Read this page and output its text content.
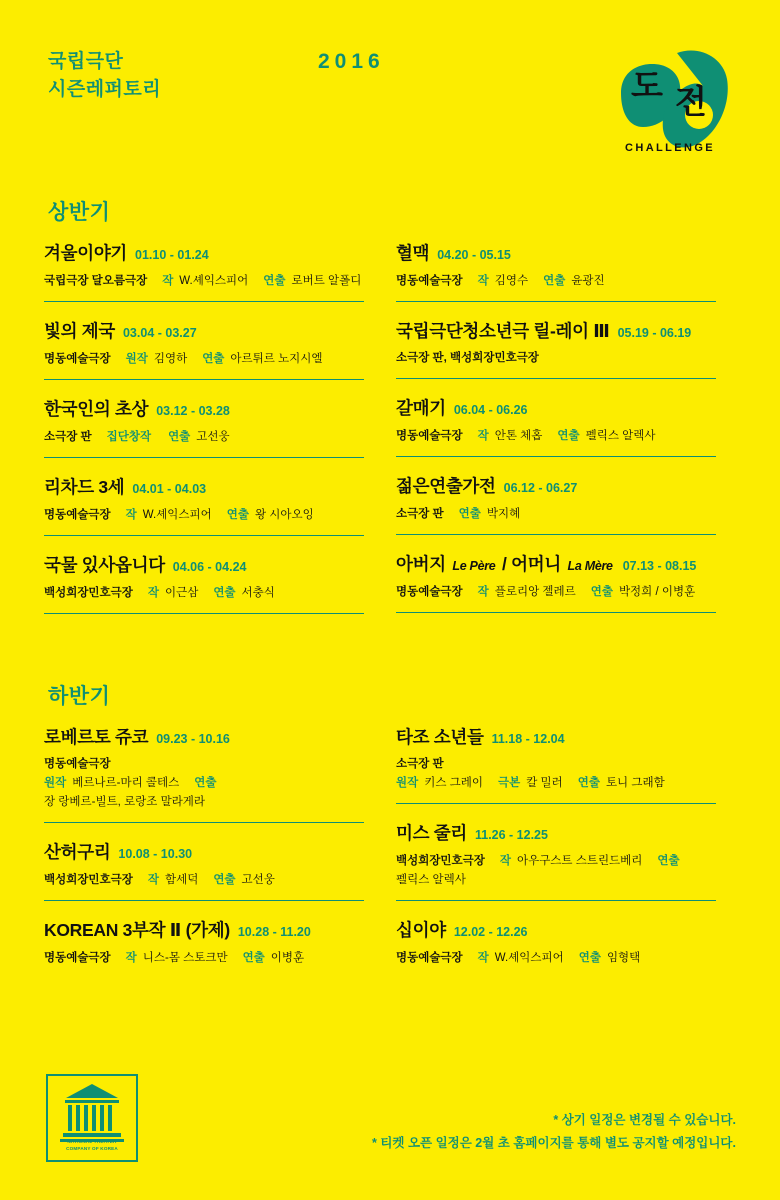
국립극단
시즌레퍼토리
2016
도 전
CHALLENGE
상반기
겨울이야기 01.10 - 01.24
국립극장 달오름극장 작 W.셰익스피어 연출 로버트 알폴디
빛의 제국 03.04 - 03.27
명동예술극장 원작 김영하 연출 아르튀르 노지시엘
한국인의 초상 03.12 - 03.28
소극장 판 집단창작 연출 고선웅
리차드 3세 04.01 - 04.03
명동예술극장 작 W.셰익스피어 연출 왕 시아오잉
국물 있사옵니다 04.06 - 04.24
백성희장민호극장 작 이근삼 연출 서충식
혈맥 04.20 - 05.15
명동예술극장 작 김영수 연출 윤광진
국립극단청소년극 릴-레이 Ⅲ 05.19 - 06.19
소극장 판, 백성희장민호극장
갈매기 06.04 - 06.26
명동예술극장 작 안톤 체홉 연출 펠릭스 알렉사
젊은연출가전 06.12 - 06.27
소극장 판 연출 박지혜
아버지 Le Père / 어머니 La Mère 07.13 - 08.15
명동예술극장 작 플로리앙 젤레르 연출 박정희 / 이병훈
하반기
로베르토 쥬코 09.23 - 10.16
명동예술극장
원작 베르나르-마리 콜테스 연출
장 랑베르-빌트, 로랑조 말라게라
산허구리 10.08 - 10.30
백성희장민호극장 작 함세덕 연출 고선웅
KOREAN 3부작 Ⅱ (가제) 10.28 - 11.20
명동예술극장 작 니스-몸 스토크만 연출 이병훈
타조 소년들 11.18 - 12.04
소극장 판
원작 키스 그레이 극본 칼 밀러 연출 토니 그래함
미스 줄리 11.26 - 12.25
백성희장민호극장 작 아우구스트 스트린드베리 연출
펠릭스 알렉사
십이야 12.02 - 12.26
명동예술극장 작 W.셰익스피어 연출 임형택
NATIONAL THEATER
COMPANY OF KOREA
* 상기 일정은 변경될 수 있습니다.
* 티켓 오픈 일정은 2월 초 홈페이지를 통해 별도 공지할 예정입니다.
